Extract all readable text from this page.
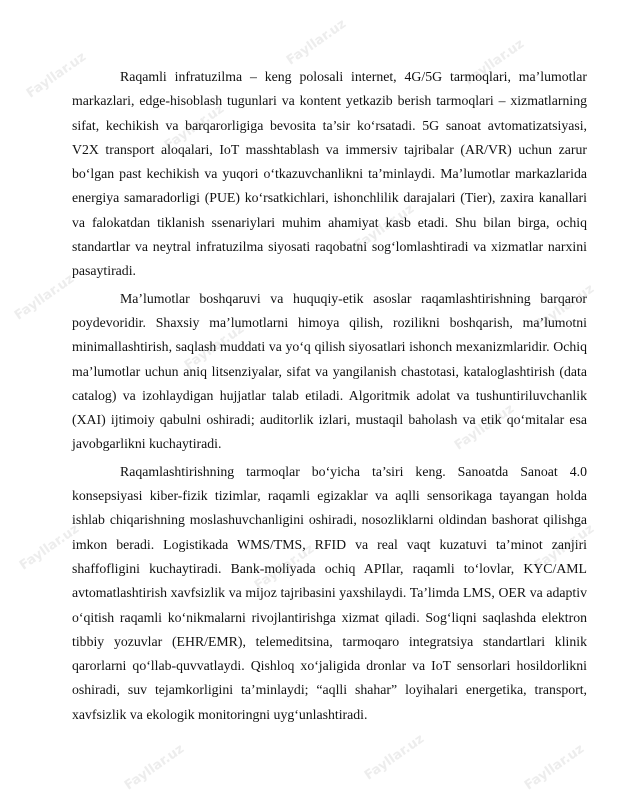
Fayllar.uz
Fayllar.uz	Fayllar.uz
Fayllar.uz
Fayllar.uz
Fayllar.uz	Fayllar.uz
Fayllar.uz
Fayllar.uz
Fayllar.uz	Fayllar.uz	Fayllar.uz
Fayllar.uz	Fayllar.uz	Fayllar.uz

Raqamli infratuzilma – keng polosali internet, 4G/5G tarmoqlari, ma’lumotlar markazlari, edge-hisoblash tugunlari va kontent yetkazib berish tarmoqlari – xizmatlarning sifat, kechikish va barqarorligiga bevosita ta’sir ko‘rsatadi. 5G sanoat avtomatizatsiyasi, V2X transport aloqalari, IoT masshtablash va immersiv tajribalar (AR/VR) uchun zarur bo‘lgan past kechikish va yuqori o‘tkazuvchanlikni ta’minlaydi. Ma’lumotlar markazlarida energiya samaradorligi (PUE) ko‘rsatkichlari, ishonchlilik darajalari (Tier), zaxira kanallari va falokatdan tiklanish ssenariylari muhim ahamiyat kasb etadi. Shu bilan birga, ochiq standartlar va neytral infratuzilma siyosati raqobatni sog‘lomlashtiradi va xizmatlar narxini pasaytiradi.

Ma’lumotlar boshqaruvi va huquqiy-etik asoslar raqamlashtirishning barqaror poydevoridir. Shaxsiy ma’lumotlarni himoya qilish, rozilikni boshqarish, ma’lumotni minimallashtirish, saqlash muddati va yo‘q qilish siyosatlari ishonch mexanizmlaridir. Ochiq ma’lumotlar uchun aniq litsenziyalar, sifat va yangilanish chastotasi, kataloglashtirish (data catalog) va izohlaydigan hujjatlar talab etiladi. Algoritmik adolat va tushuntiriluvchanlik (XAI) ijtimoiy qabulni oshiradi; auditorlik izlari, mustaqil baholash va etik qo‘mitalar esa javobgarlikni kuchaytiradi.

Raqamlashtirishning tarmoqlar bo‘yicha ta’siri keng. Sanoatda Sanoat 4.0 konsepsiyasi kiber-fizik tizimlar, raqamli egizaklar va aqlli sensorikaga tayangan holda ishlab chiqarishning moslashuvchanligini oshiradi, nosozliklarni oldindan bashorat qilishga imkon beradi. Logistikada WMS/TMS, RFID va real vaqt kuzatuvi ta’minot zanjiri shaffofligini kuchaytiradi. Bank-moliyada ochiq APIlar, raqamli to‘lovlar, KYC/AML avtomatlashtirish xavfsizlik va mijoz tajribasini yaxshilaydi. Ta’limda LMS, OER va adaptiv o‘qitish raqamli ko‘nikmalarni rivojlantirishga xizmat qiladi. Sog‘liqni saqlashda elektron tibbiy yozuvlar (EHR/EMR), telemeditsina, tarmoqaro integratsiya standartlari klinik qarorlarni qo‘llab-quvvatlaydi. Qishloq xo‘jaligida dronlar va IoT sensorlari hosildorlikni oshiradi, suv tejamkorligini ta’minlaydi; “aqlli shahar” loyihalari energetika, transport, xavfsizlik va ekologik monitoringni uyg‘unlashtiradi.
